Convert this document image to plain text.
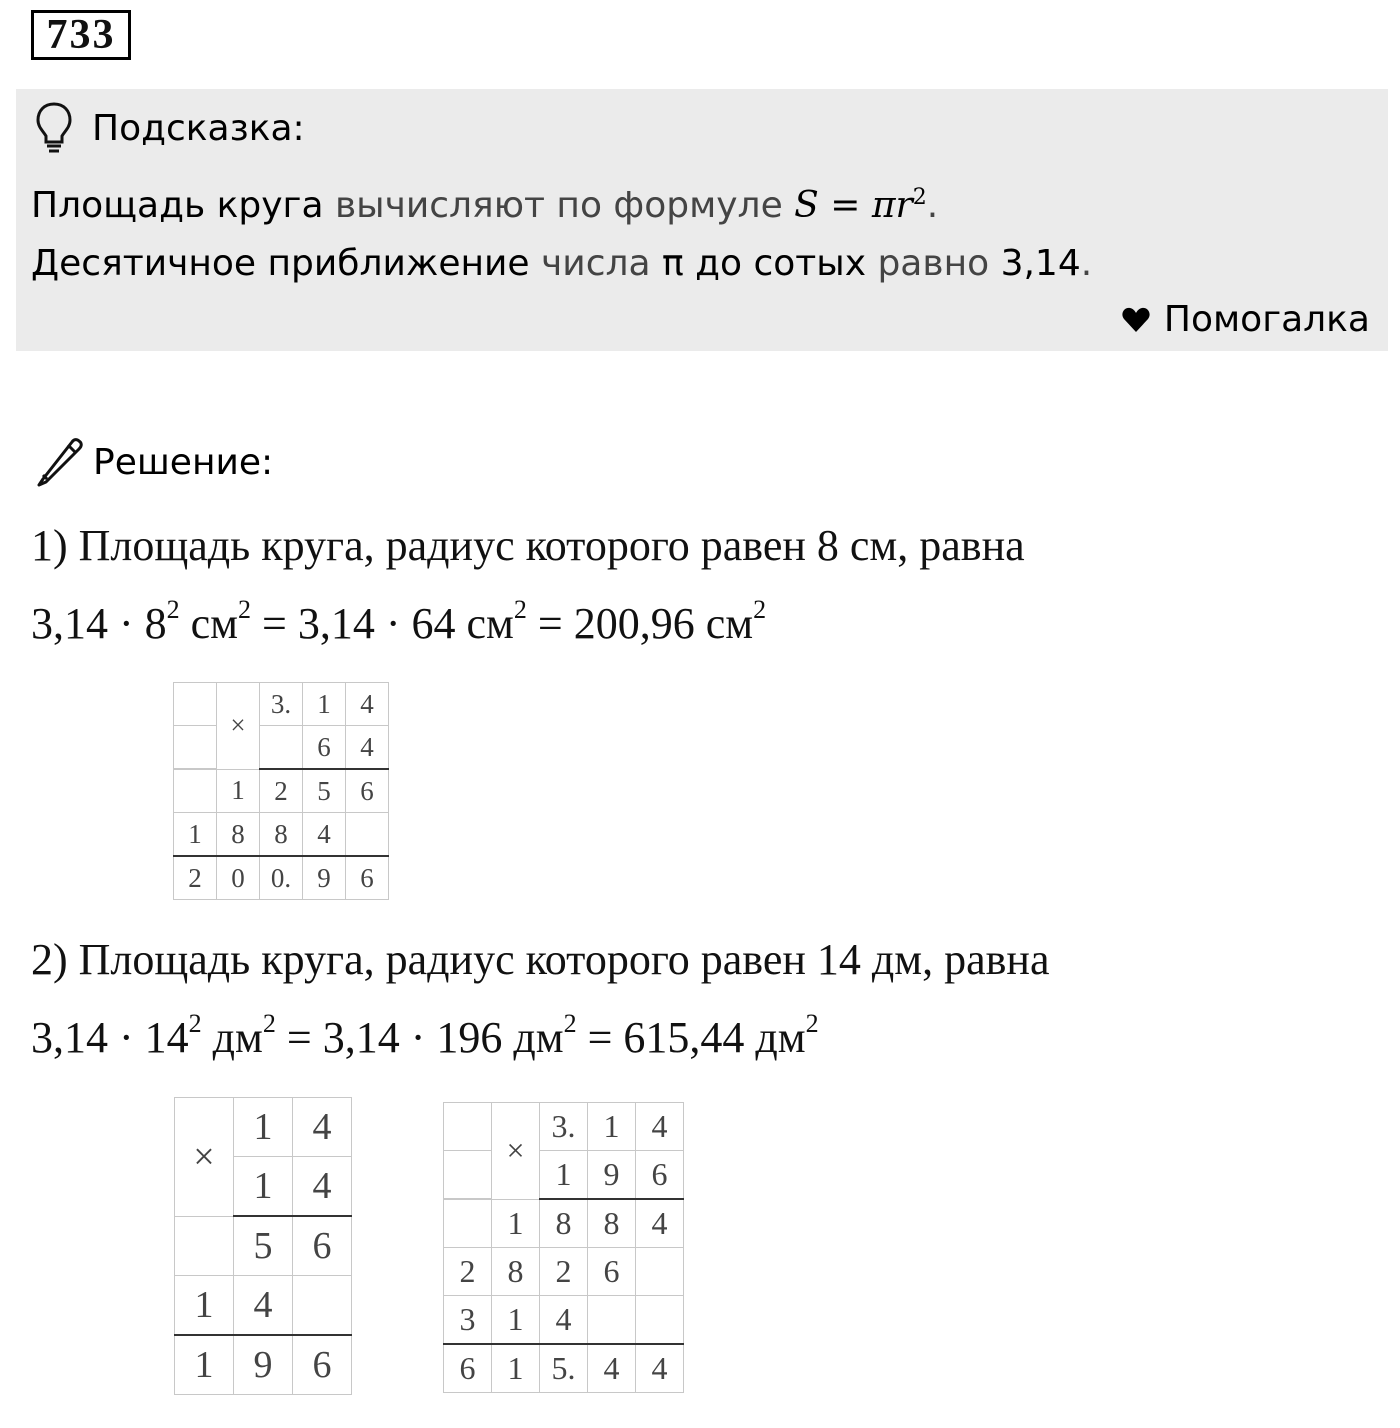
733
Подсказка:
Площадь круга вычисляют по формуле $S = \pi r^2$.
Десятичное приближение числа π до сотых равно 3,14.
Помогалка
Решение:
1) Площадь круга, радиус которого равен 8 см, равна
$3,14 \cdot 8^2$ $см^2 = 3,14 \cdot 64$ $см^2 = 200,96$ $см^2$
	×	3.	1	4
			6	4
	1	2	5	6
1	8	8	4	
2	0	0.	9	6
2) Площадь круга, радиус которого равен 14 дм, равна
$3,14 \cdot 14^2$ $дм^2 = 3,14 \cdot 196$ $дм^2 = 615,44$ $дм^2$
×	1	4
	1	4
	5	6
1	4	
1	9	6
	×	3.	1	4
		1	9	6
	1	8	8	4
2	8	2	6	
3	1	4		
6	1	5.	4	4
